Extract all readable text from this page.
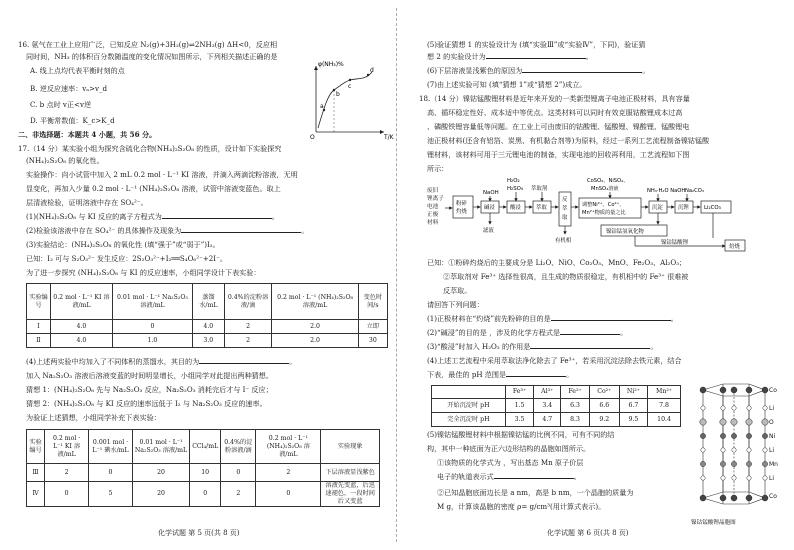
16. 氨气在工业上应用广泛，已知反应 N₂(g)+3H₂(g)⇌2NH₃(g) ΔH<0，反应相
同时间，NH₃ 的体积百分数随温度的变化情况如图所示，下列相关描述正确的是
A. 线上点均代表平衡时刻的点
B. 逆反应速率：vₐ>v_d
C. b 点时 v正<v逆
D. 平衡常数值：K_c>K_d
φ(NH₃)%
T/K
O
a
b
c
d
二、非选择题：本题共 4 小题，共 56 分。
17.（14 分）某实验小组为探究含硫化合物(NH₄)₂S₂O₈ 的性质，设计如下实验探究
(NH₄)₂S₂O₈ 的氧化性。
实验操作：向小试管中加入 2 mL 0.2 mol · L⁻¹ KI 溶液，并滴入两滴淀粉溶液，无明
显变化，再加入少量 0.2 mol · L⁻¹ (NH₄)₂S₂O₈ 溶液，试管中溶液变蓝色。取上
层清液检验，证明溶液中存在 SO₄²⁻。
(1)(NH₄)₂S₂O₈ 与 KI 反应的离子方程式为	。
(2)检验该溶液中存在 SO₄²⁻ 的具体操作及现象为	。
(3)实验结论：(NH₄)₂S₂O₈ 的氧化性 (填“强于”或“弱于”)I₂。
已知：I₂ 可与 S₂O₃²⁻ 发生反应：2S₂O₃²⁻+I₂══S₄O₆²⁻+2I⁻。
为了进一步探究 (NH₄)₂S₂O₈ 与 KI 的反应速率，小组同学设计下表实验：
实验编号	0.2 mol · L⁻¹ KI 溶液/mL	0.01 mol · L⁻¹ Na₂S₂O₃ 溶液/mL	蒸馏水/mL	0.4%的淀粉溶液/滴	0.2 mol · L⁻¹ (NH₄)₂S₂O₈ 溶液/mL	变色时间/s
Ⅰ	4.0	0	4.0	2	2.0	立即
Ⅱ	4.0	1.0	3.0	2	2.0	30
(4)上述两实验中均加入了不同体积的蒸馏水，其目的为	。
加入 Na₂S₂O₃ 溶液后溶液变蓝的时间明显增长，小组同学对此提出两种猜想。
猜想 1：(NH₄)₂S₂O₈ 先与 Na₂S₂O₃ 反应，Na₂S₂O₃ 消耗完后才与 I⁻ 反应；
猜想 2：(NH₄)₂S₂O₈ 与 KI 反应的速率远低于 I₂ 与 Na₂S₂O₃ 反应的速率。
为验证上述猜想，小组同学补充下表实验：
实验编号	0.2 mol · L⁻¹ KI 溶液/mL	0.001 mol · L⁻¹ 碘水/mL	0.01 mol · L⁻¹ Na₂S₂O₃ 溶液/mL	CCl₄/mL	0.4%的淀粉溶液/滴	0.2 mol · L⁻¹ (NH₄)₂S₂O₈ 溶液/mL	实验现象
Ⅲ	2	0	20	10	0	2	下层溶液显浅紫色
Ⅳ	0	5	20	0	2	0	溶液先变蓝，后迅速褪色，一段时间后又变蓝
化学试题 第 5 页(共 8 页)
(5)验证猜想 1 的实验设计为 (填“实验Ⅲ”或“实验Ⅳ”，下同)，验证猜
想 2 的实验设计为	。
(6)下层溶液显浅紫色的原因为	。
(7)由上述实验可知 (填“猜想 1”或“猜想 2”)成立。
18.（14 分）镍钴锰酸锂材料是近年来开发的一类新型锂离子电池正极材料，具有容量
高、循环稳定性好、成本适中等优点。这类材料可以同时有效克服钴酸锂成本过高
、磷酸铁锂容量低等问题。在工业上可由废旧的钴酸锂、锰酸锂、镍酸锂、锰酸锂电
池正极材料(还含有铝箔、炭黑、有机黏合剂等)为原料，经过一系列工艺流程制备镍钴锰酸
锂材料，该材料可用于三元锂电池的制备，实现电池的回收再利用，工艺流程如下图
所示：
废旧
锂离子
电池
正极
材料
粉碎
灼烧
碱浸
NaOH
滤液
酸浸
H₂O₂
H₂SO₄
萃取
萃取剂
反
萃
取
有机相
调整Ni²⁺、Co²⁺、
Mn²⁺物质的量之比
CoSO₄、NiSO₄、
MnSO₄溶液
沉淀	沉锂
NH₃·H₂O NaOH Na₂CO₃
Li₂CO₃
镍钴锰氢氧化物
镍钴锰酸锂
焙烧
已知：①粉碎灼烧后的主要成分是 Li₂O、NiO、Co₂O₃、MnO、Fe₂O₃、Al₂O₃；
②萃取剂对 Fe³⁺ 选择性很高，且生成的物质很稳定，有机相中的 Fe³⁺ 很难被
反萃取。
请回答下列问题：
(1)正极材料在“灼烧”前先粉碎的目的是	。
(2)“碱浸”的目的是 ，涉及的化学方程式是	。
(3)“酸浸”时加入 H₂O₂ 的作用是	。
(4)上述工艺流程中采用萃取法净化除去了 Fe³⁺，若采用沉淀法除去铁元素，结合
下表，最佳的 pH 范围是	。
	Fe³⁺	Al³⁺	Fe²⁺	Co²⁺	Ni²⁺	Mn²⁺
开始沉淀时 pH	1.5	3.4	6.3	6.6	6.7	7.8
完全沉淀时 pH	3.5	4.7	8.3	9.2	9.5	10.4
(5)镍钴锰酸锂材料中根据镍钴锰的比例不同，可有不同的结
构，其中一种底面为正六边形结构的晶胞如图所示。
①该物质的化学式为 ，写出基态 Mn 原子价层
电子的轨道表示式	。
②已知晶胞底面边长是 a nm，高是 b nm，一个晶胞的质量为
M g，计算该晶胞的密度 ρ= g/cm³(用计算式表示)。
Co
Li
O
Ni
Li
Mn
Li
Co
镍钴锰酸锂晶胞图
化学试题 第 6 页(共 8 页)
